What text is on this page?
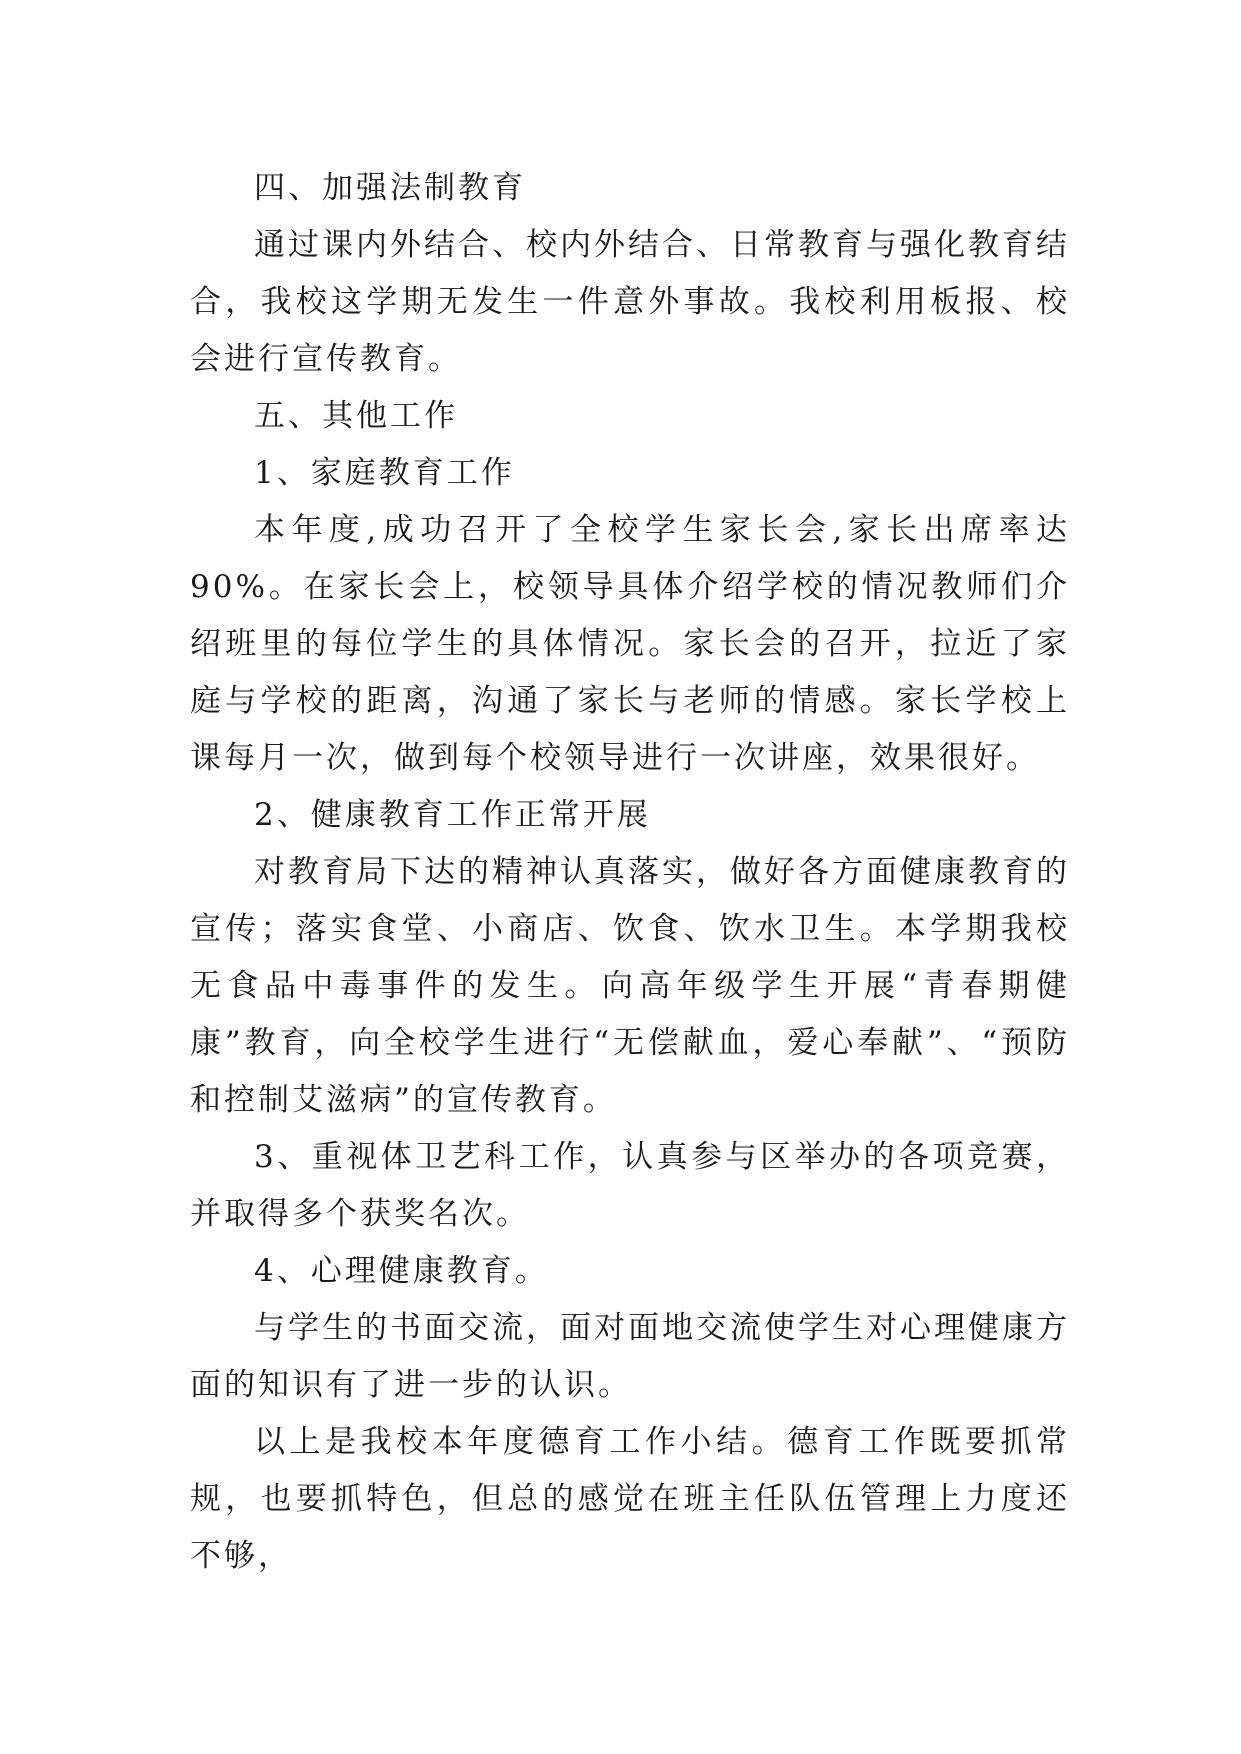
四、加强法制教育

通过课内外结合、校内外结合、日常教育与强化教育结合，我校这学期无发生一件意外事故。我校利用板报、校会进行宣传教育。

五、其他工作

1、家庭教育工作

本年度,成功召开了全校学生家长会,家长出席率达90%。在家长会上，校领导具体介绍学校的情况教师们介绍班里的每位学生的具体情况。家长会的召开，拉近了家庭与学校的距离，沟通了家长与老师的情感。家长学校上课每月一次，做到每个校领导进行一次讲座，效果很好。

2、健康教育工作正常开展

对教育局下达的精神认真落实，做好各方面健康教育的宣传；落实食堂、小商店、饮食、饮水卫生。本学期我校无食品中毒事件的发生。向高年级学生开展“青春期健康”教育，向全校学生进行“无偿献血，爱心奉献”、“预防和控制艾滋病”的宣传教育。

3、重视体卫艺科工作，认真参与区举办的各项竞赛，并取得多个获奖名次。

4、心理健康教育。

与学生的书面交流，面对面地交流使学生对心理健康方面的知识有了进一步的认识。

以上是我校本年度德育工作小结。德育工作既要抓常规，也要抓特色，但总的感觉在班主任队伍管理上力度还不够，
